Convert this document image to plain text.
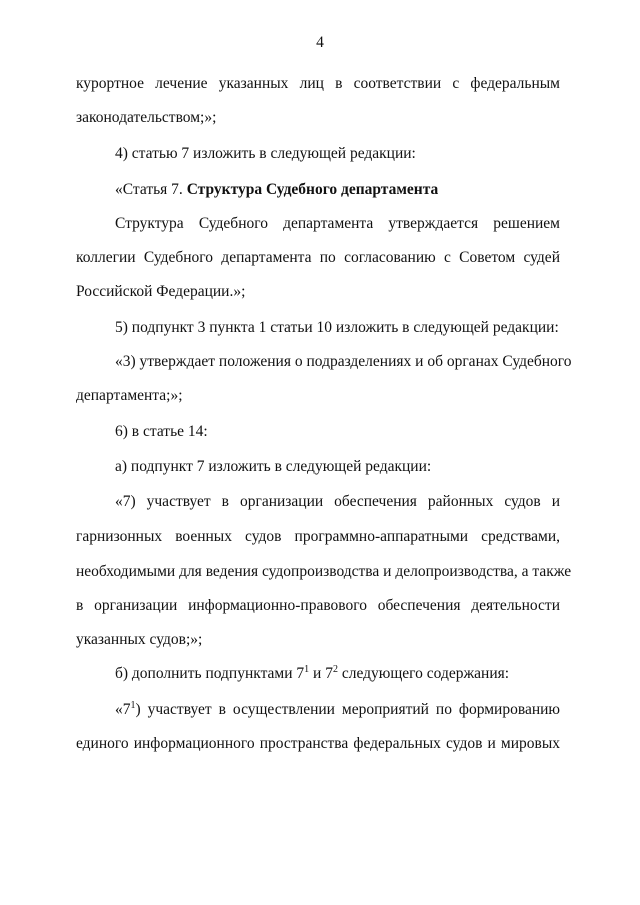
4
курортное лечение указанных лиц в соответствии с федеральным
законодательством;»;
4) статью 7 изложить в следующей редакции:
«Статья 7. Структура Судебного департамента
Структура Судебного департамента утверждается решением
коллегии Судебного департамента по согласованию с Советом судей
Российской Федерации.»;
5) подпункт 3 пункта 1 статьи 10 изложить в следующей редакции:
«3) утверждает положения о подразделениях и об органах Судебного
департамента;»;
6) в статье 14:
а) подпункт 7 изложить в следующей редакции:
«7) участвует в организации обеспечения районных судов и
гарнизонных военных судов программно-аппаратными средствами,
необходимыми для ведения судопроизводства и делопроизводства, а также
в организации информационно-правового обеспечения деятельности
указанных судов;»;
б) дополнить подпунктами $7^1$ и $7^2$ следующего содержания:
«$7^1$) участвует в осуществлении мероприятий по формированию
единого информационного пространства федеральных судов и мировых
